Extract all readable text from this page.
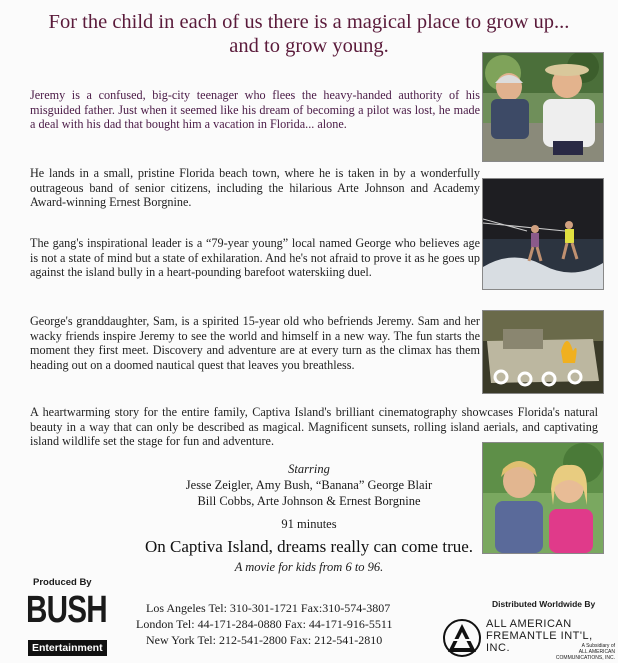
For the child in each of us there is a magical place to grow up...
and to grow young.
Jeremy is a confused, big-city teenager who flees the heavy-handed authority of his misguided father. Just when it seemed like his dream of becoming a pilot was lost, he made a deal with his dad that bought him a vacation in Florida... alone.
He lands in a small, pristine Florida beach town, where he is taken in by a wonderfully outrageous band of senior citizens, including the hilarious Arte Johnson and Academy Award-winning Ernest Borgnine.
The gang's inspirational leader is a “79-year young” local named George who believes age is not a state of mind but a state of exhilaration. And he's not afraid to prove it as he goes up against the island bully in a heart-pounding barefoot waterskiing duel.
George's granddaughter, Sam, is a spirited 15-year old who befriends Jeremy. Sam and her wacky friends inspire Jeremy to see the world and himself in a new way. The fun starts the moment they first meet. Discovery and adventure are at every turn as the climax has them heading out on a doomed nautical quest that leaves you breathless.
A heartwarming story for the entire family, Captiva Island's brilliant cinematography showcases Florida's natural beauty in a way that can only be described as magical. Magnificent sunsets, rolling island aerials, and captivating island wildlife set the stage for fun and adventure.
Starring
Jesse Zeigler, Amy Bush, “Banana” George Blair
Bill Cobbs, Arte Johnson & Ernest Borgnine
91 minutes
On Captiva Island, dreams really can come true.
A movie for kids from 6 to 96.
Produced By
BUSH
Entertainment
Los Angeles Tel: 310-301-1721 Fax:310-574-3807
London Tel: 44-171-284-0880 Fax: 44-171-916-5511
New York Tel: 212-541-2800 Fax: 212-541-2810
Distributed Worldwide By
ALL AMERICAN
FREMANTLE INT'L, INC.	A Subsidiary of
ALL AMERICAN COMMUNICATIONS, INC.
